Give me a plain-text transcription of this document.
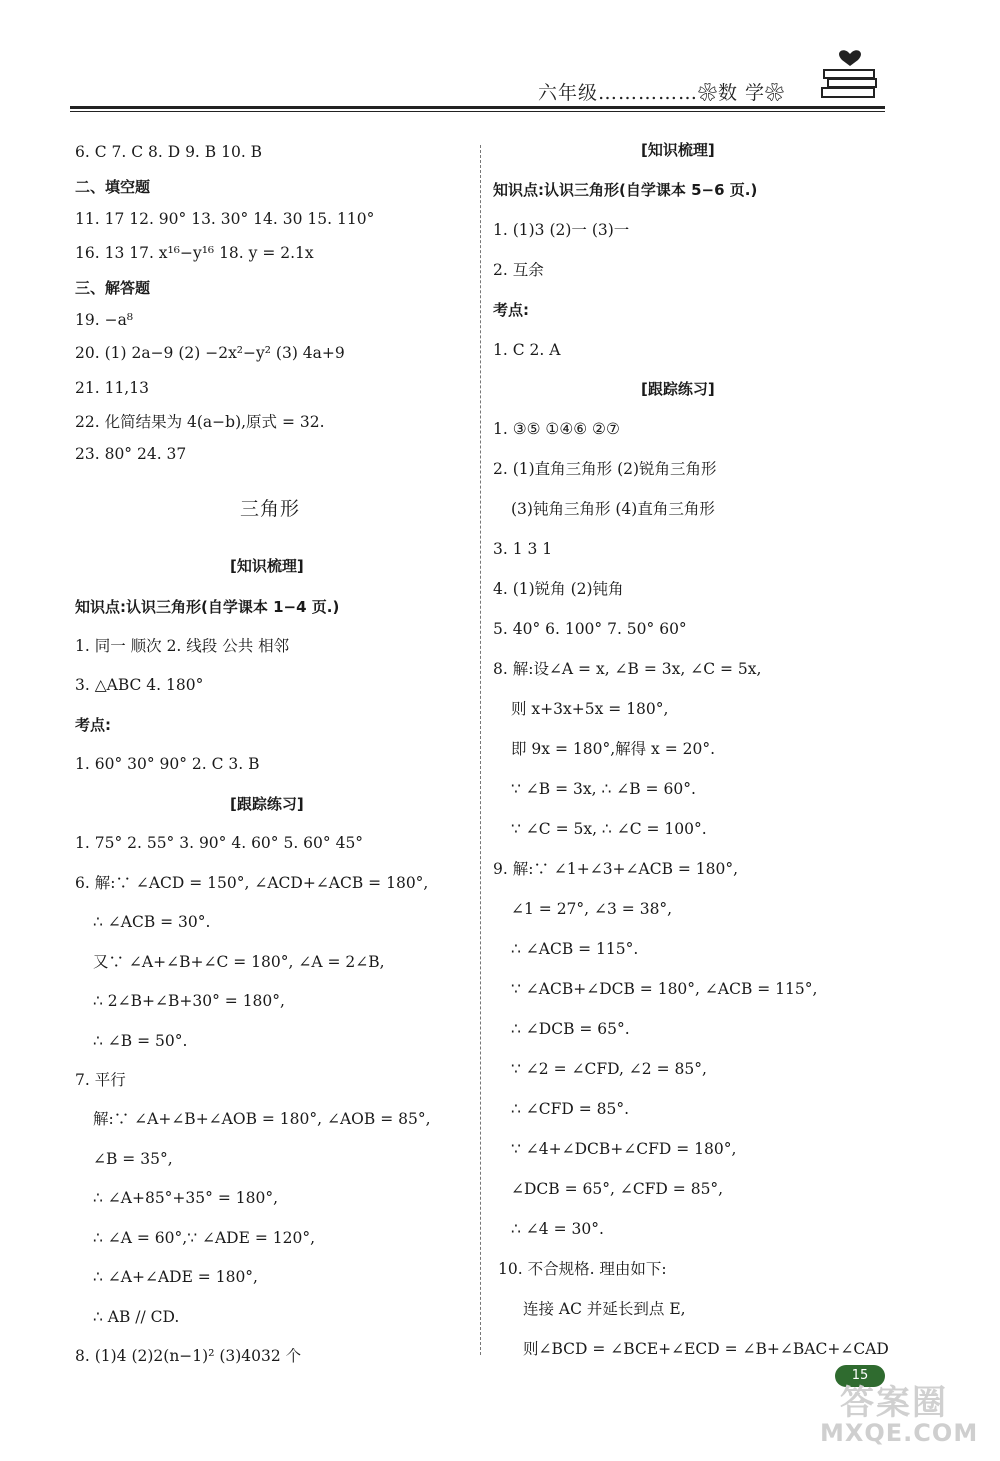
六年级……………❀数 学❀
6. C 7. C 8. D 9. B 10. B
二、填空题
11. 17 12. 90° 13. 30° 14. 30 15. 110°
16. 13 17. x¹⁶−y¹⁶ 18. y = 2.1x
三、解答题
19. −a⁸
20. (1) 2a−9 (2) −2x²−y² (3) 4a+9
21. 11,13
22. 化简结果为 4(a−b),原式 = 32.
23. 80° 24. 37
三角形
[知识梳理]
知识点:认识三角形(自学课本 1−4 页.)
1. 同一 顺次 2. 线段 公共 相邻
3. △ABC 4. 180°
考点:
1. 60° 30° 90° 2. C 3. B
[跟踪练习]
1. 75° 2. 55° 3. 90° 4. 60° 5. 60° 45°
6. 解:∵ ∠ACD = 150°, ∠ACD+∠ACB = 180°,
∴ ∠ACB = 30°.
又∵ ∠A+∠B+∠C = 180°, ∠A = 2∠B,
∴ 2∠B+∠B+30° = 180°,
∴ ∠B = 50°.
7. 平行
解:∵ ∠A+∠B+∠AOB = 180°, ∠AOB = 85°,
∠B = 35°,
∴ ∠A+85°+35° = 180°,
∴ ∠A = 60°,∵ ∠ADE = 120°,
∴ ∠A+∠ADE = 180°,
∴ AB // CD.
8. (1)4 (2)2(n−1)² (3)4032 个
[知识梳理]
知识点:认识三角形(自学课本 5−6 页.)
1. (1)3 (2)一 (3)一
2. 互余
考点:
1. C 2. A
[跟踪练习]
1. ③⑤ ①④⑥ ②⑦
2. (1)直角三角形 (2)锐角三角形
(3)钝角三角形 (4)直角三角形
3. 1 3 1
4. (1)锐角 (2)钝角
5. 40° 6. 100° 7. 50° 60°
8. 解:设∠A = x, ∠B = 3x, ∠C = 5x,
则 x+3x+5x = 180°,
即 9x = 180°,解得 x = 20°.
∵ ∠B = 3x, ∴ ∠B = 60°.
∵ ∠C = 5x, ∴ ∠C = 100°.
9. 解:∵ ∠1+∠3+∠ACB = 180°,
∠1 = 27°, ∠3 = 38°,
∴ ∠ACB = 115°.
∵ ∠ACB+∠DCB = 180°, ∠ACB = 115°,
∴ ∠DCB = 65°.
∵ ∠2 = ∠CFD, ∠2 = 85°,
∴ ∠CFD = 85°.
∵ ∠4+∠DCB+∠CFD = 180°,
∠DCB = 65°, ∠CFD = 85°,
∴ ∠4 = 30°.
10. 不合规格. 理由如下:
连接 AC 并延长到点 E,
则∠BCD = ∠BCE+∠ECD = ∠B+∠BAC+∠CAD
15
答案圈
MXQE.COM
